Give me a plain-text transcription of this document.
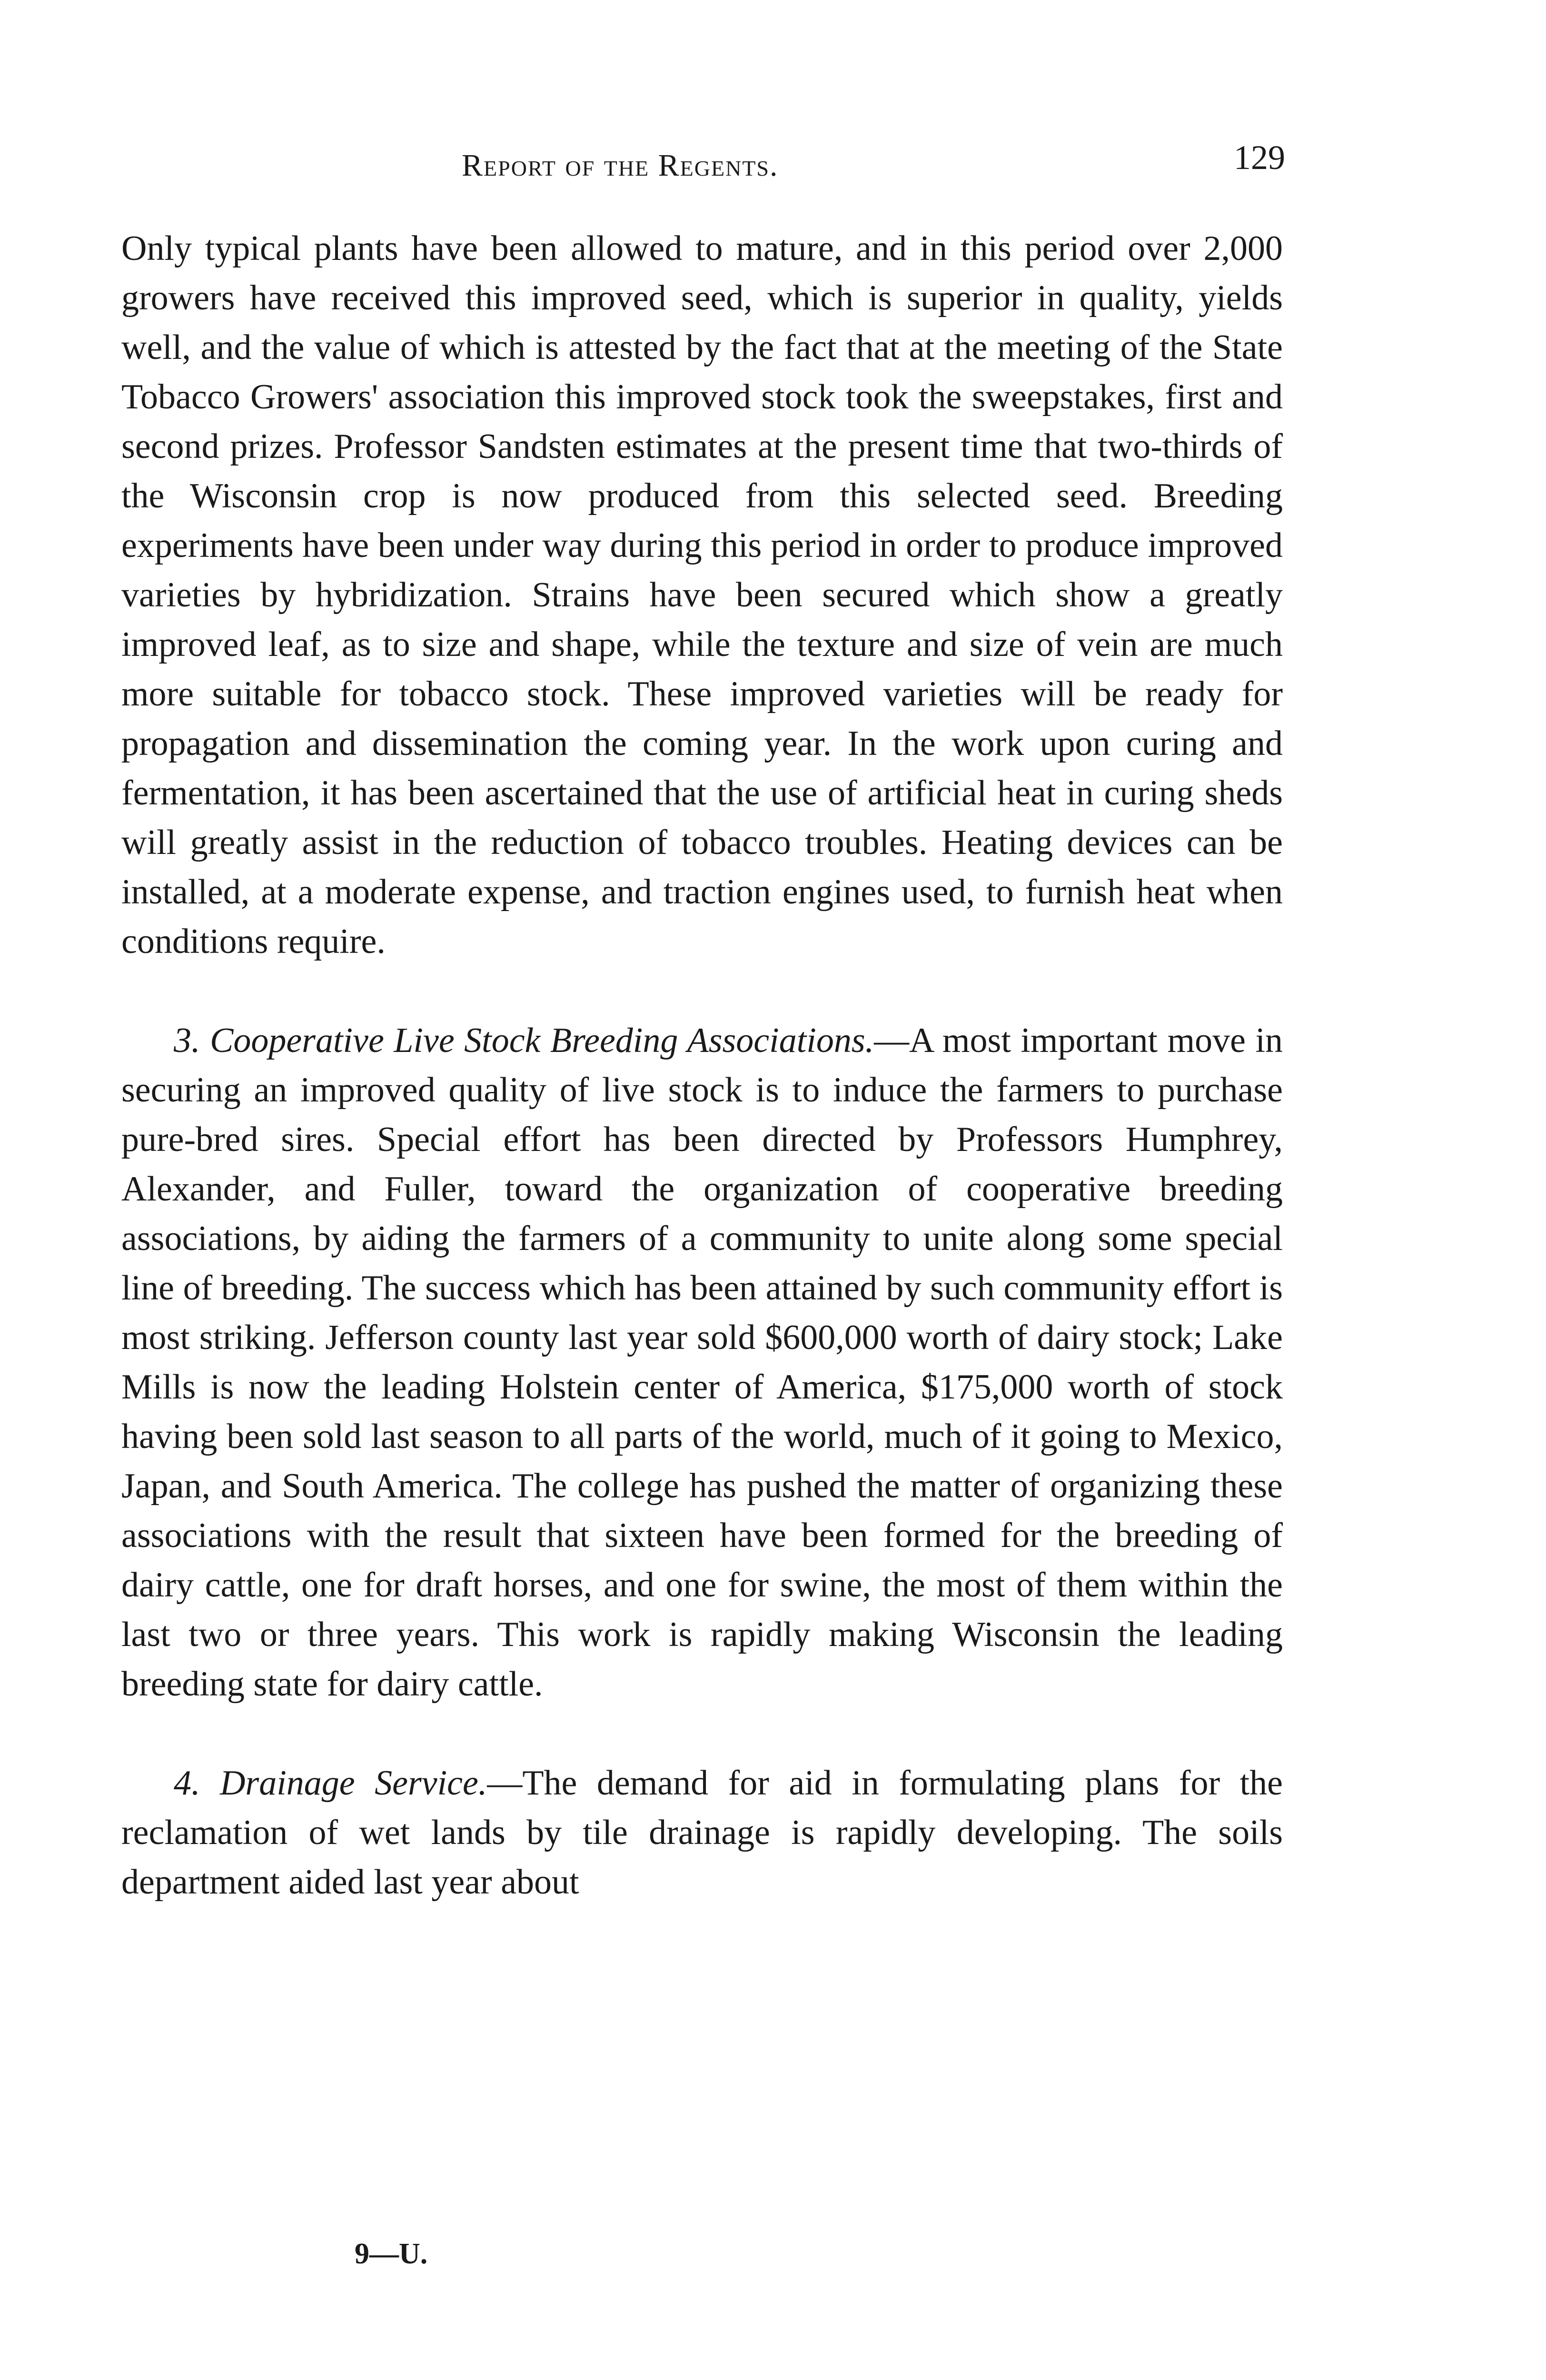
Report of the Regents.	129

Only typical plants have been allowed to mature, and in this period over 2,000 growers have received this improved seed, which is superior in quality, yields well, and the value of which is attested by the fact that at the meeting of the State Tobacco Growers' association this improved stock took the sweepstakes, first and second prizes. Professor Sandsten estimates at the present time that two-thirds of the Wisconsin crop is now produced from this selected seed. Breeding experiments have been under way during this period in order to produce improved varieties by hybridization. Strains have been secured which show a greatly improved leaf, as to size and shape, while the texture and size of vein are much more suitable for tobacco stock. These improved varieties will be ready for propagation and dissemination the coming year. In the work upon curing and fermentation, it has been ascertained that the use of artificial heat in curing sheds will greatly assist in the reduction of tobacco troubles. Heating devices can be installed, at a moderate expense, and traction engines used, to furnish heat when conditions require.

3. Cooperative Live Stock Breeding Associations.—A most important move in securing an improved quality of live stock is to induce the farmers to purchase pure-bred sires. Special effort has been directed by Professors Humphrey, Alexander, and Fuller, toward the organization of cooperative breeding associations, by aiding the farmers of a community to unite along some special line of breeding. The success which has been attained by such community effort is most striking. Jefferson county last year sold $600,000 worth of dairy stock; Lake Mills is now the leading Holstein center of America, $175,000 worth of stock having been sold last season to all parts of the world, much of it going to Mexico, Japan, and South America. The college has pushed the matter of organizing these associations with the result that sixteen have been formed for the breeding of dairy cattle, one for draft horses, and one for swine, the most of them within the last two or three years. This work is rapidly making Wisconsin the leading breeding state for dairy cattle.

4. Drainage Service.—The demand for aid in formulating plans for the reclamation of wet lands by tile drainage is rapidly developing. The soils department aided last year about

9—U.
